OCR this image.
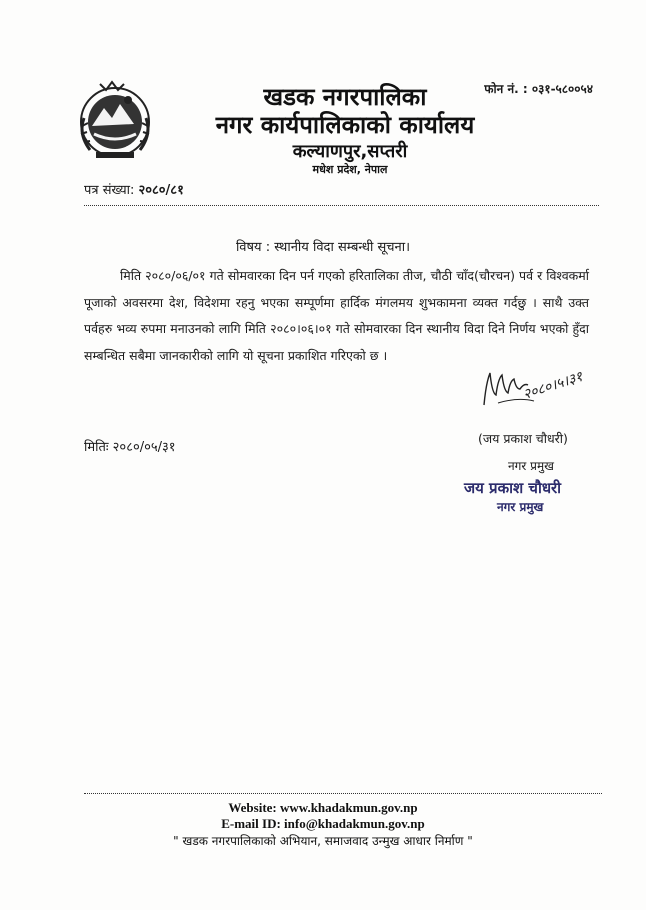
खडक नगरपालिका
नगर कार्यपालिकाको कार्यालय
कल्याणपुर,सप्तरी
मधेश प्रदेश, नेपाल
फोन नं. : ०३१-५८००५४
पत्र संख्या: २०८०/८१
विषय : स्थानीय विदा सम्बन्धी सूचना।

मिति २०८०/०६/०१ गते सोमवारका दिन पर्न गएको हरितालिका तीज, चौठी चाँद(चौरचन) पर्व र विश्वकर्मा पूजाको अवसरमा देश, विदेशमा रहनु भएका सम्पूर्णमा हार्दिक मंगलमय शुभकामना व्यक्त गर्दछु । साथै उक्त पर्वहरु भव्य रुपमा मनाउनको लागि मिति २०८०।०६।०१ गते सोमवारका दिन स्थानीय विदा दिने निर्णय भएको हुँदा सम्बन्धित सबैमा जानकारीको लागि यो सूचना प्रकाशित गरिएको छ ।

२०८०।५।३१
मितिः २०८०/०५/३१
(जय प्रकाश चौधरी)
नगर प्रमुख
जय प्रकाश चौधरी
नगर प्रमुख
Website: www.khadakmun.gov.np
E-mail ID: info@khadakmun.gov.np
" खडक नगरपालिकाको अभियान, समाजवाद उन्मुख आधार निर्माण "
